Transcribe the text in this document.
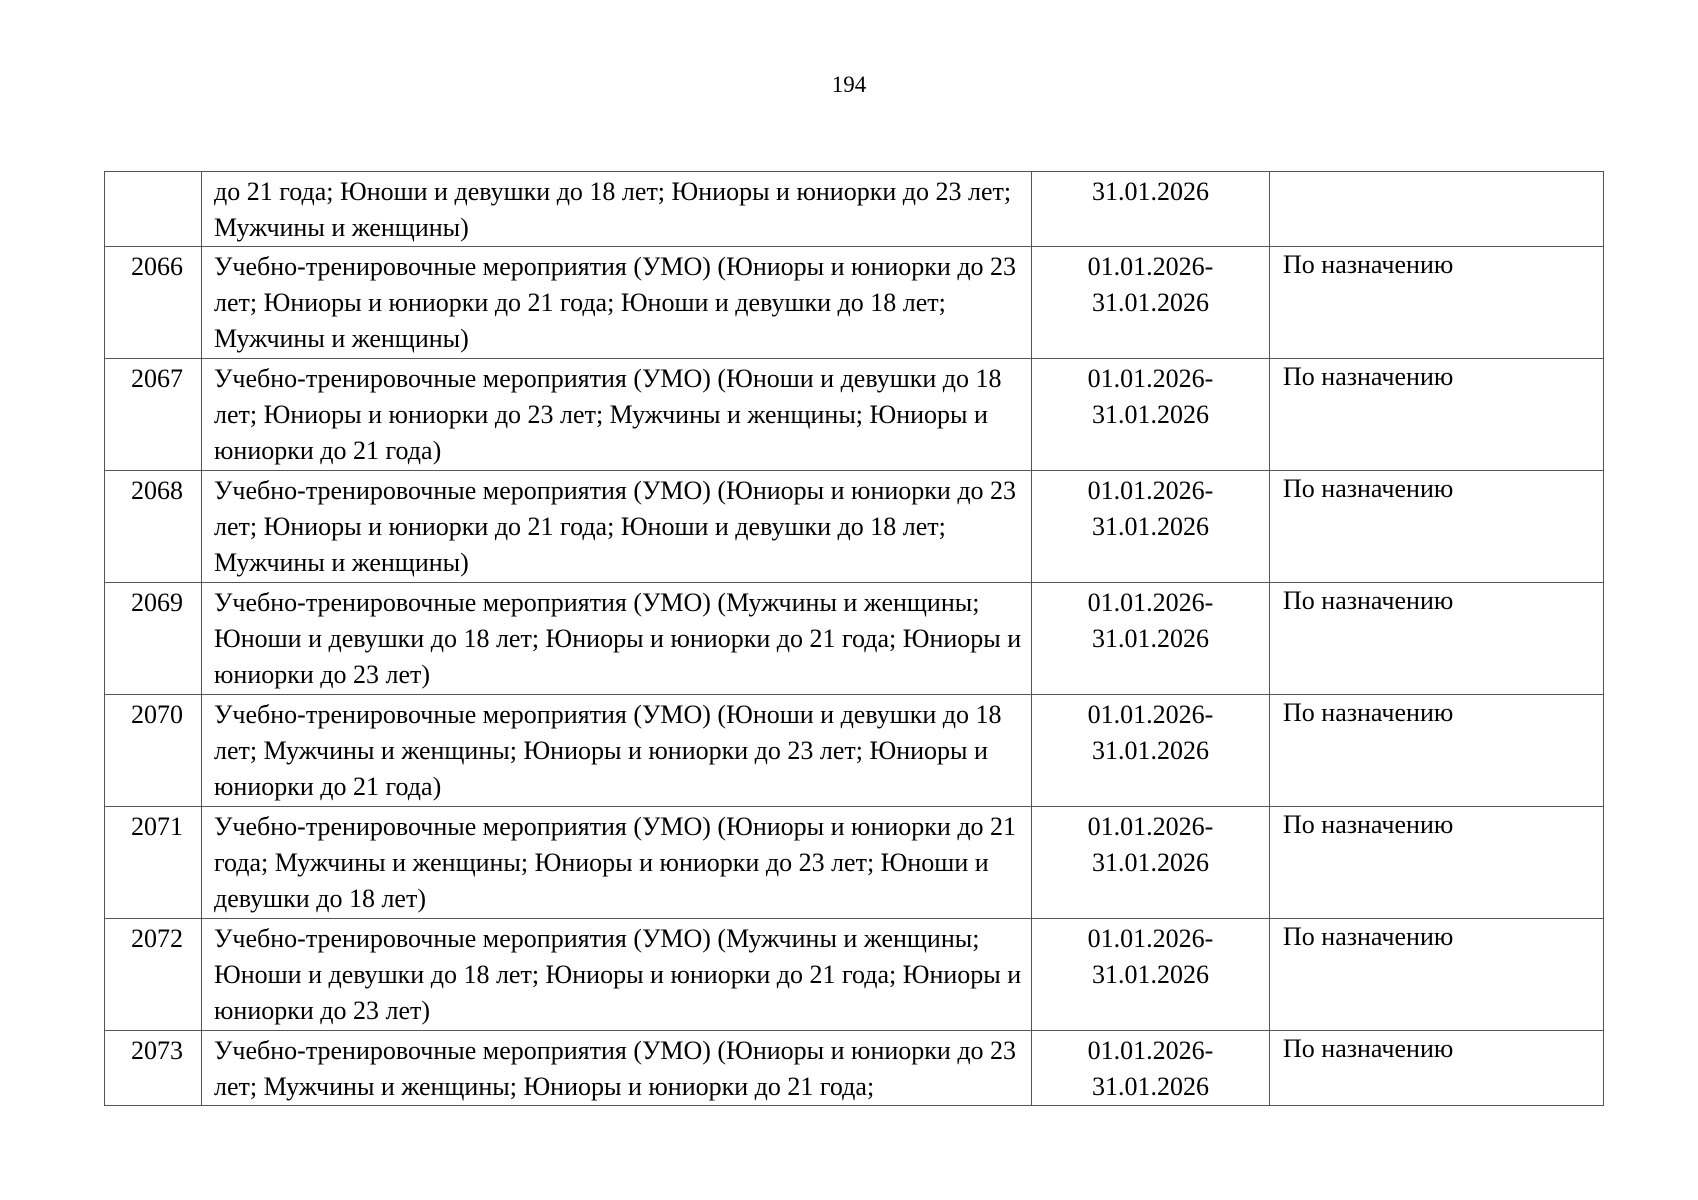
194
	до 21 года; Юноши и девушки до 18 лет; Юниоры и юниорки до 23 лет; Мужчины и женщины)	31.01.2026	
2066	Учебно-тренировочные мероприятия (УМО) (Юниоры и юниорки до 23 лет; Юниоры и юниорки до 21 года; Юноши и девушки до 18 лет; Мужчины и женщины)	01.01.2026-31.01.2026	По назначению
2067	Учебно-тренировочные мероприятия (УМО) (Юноши и девушки до 18 лет; Юниоры и юниорки до 23 лет; Мужчины и женщины; Юниоры и юниорки до 21 года)	01.01.2026-31.01.2026	По назначению
2068	Учебно-тренировочные мероприятия (УМО) (Юниоры и юниорки до 23 лет; Юниоры и юниорки до 21 года; Юноши и девушки до 18 лет; Мужчины и женщины)	01.01.2026-31.01.2026	По назначению
2069	Учебно-тренировочные мероприятия (УМО) (Мужчины и женщины; Юноши и девушки до 18 лет; Юниоры и юниорки до 21 года; Юниоры и юниорки до 23 лет)	01.01.2026-31.01.2026	По назначению
2070	Учебно-тренировочные мероприятия (УМО) (Юноши и девушки до 18 лет; Мужчины и женщины; Юниоры и юниорки до 23 лет; Юниоры и юниорки до 21 года)	01.01.2026-31.01.2026	По назначению
2071	Учебно-тренировочные мероприятия (УМО) (Юниоры и юниорки до 21 года; Мужчины и женщины; Юниоры и юниорки до 23 лет; Юноши и девушки до 18 лет)	01.01.2026-31.01.2026	По назначению
2072	Учебно-тренировочные мероприятия (УМО) (Мужчины и женщины; Юноши и девушки до 18 лет; Юниоры и юниорки до 21 года; Юниоры и юниорки до 23 лет)	01.01.2026-31.01.2026	По назначению
2073	Учебно-тренировочные мероприятия (УМО) (Юниоры и юниорки до 23 лет; Мужчины и женщины; Юниоры и юниорки до 21 года;	01.01.2026-31.01.2026	По назначению
